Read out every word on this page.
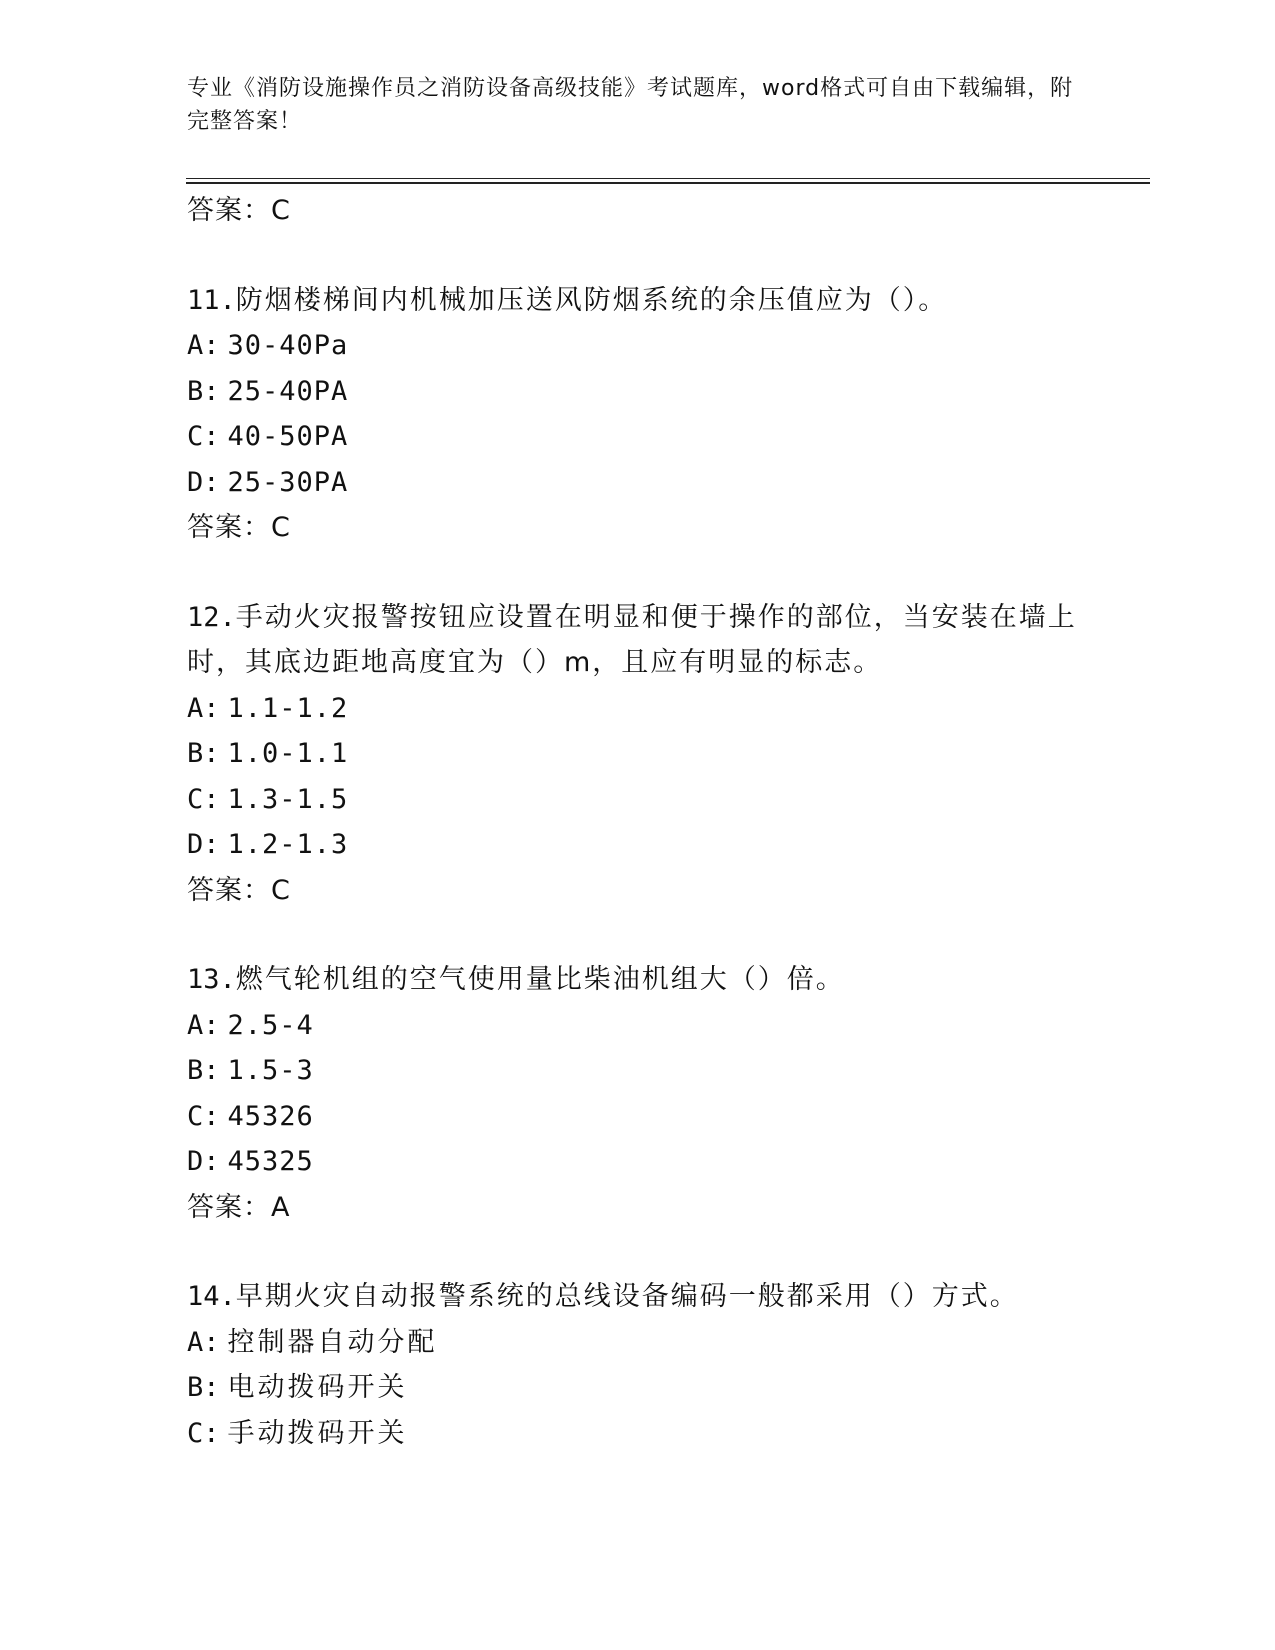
专业《消防设施操作员之消防设备高级技能》考试题库，word格式可自由下载编辑，附完整答案！
答案：C
11.防烟楼梯间内机械加压送风防烟系统的余压值应为（）。
A: 30-40Pa
B: 25-40PA
C: 40-50PA
D: 25-30PA
答案：C
12.手动火灾报警按钮应设置在明显和便于操作的部位，当安装在墙上
时，其底边距地高度宜为（）m，且应有明显的标志。
A: 1.1-1.2
B: 1.0-1.1
C: 1.3-1.5
D: 1.2-1.3
答案：C
13.燃气轮机组的空气使用量比柴油机组大（）倍。
A: 2.5-4
B: 1.5-3
C: 45326
D: 45325
答案：A
14.早期火灾自动报警系统的总线设备编码一般都采用（）方式。
A: 控制器自动分配
B: 电动拨码开关
C: 手动拨码开关
